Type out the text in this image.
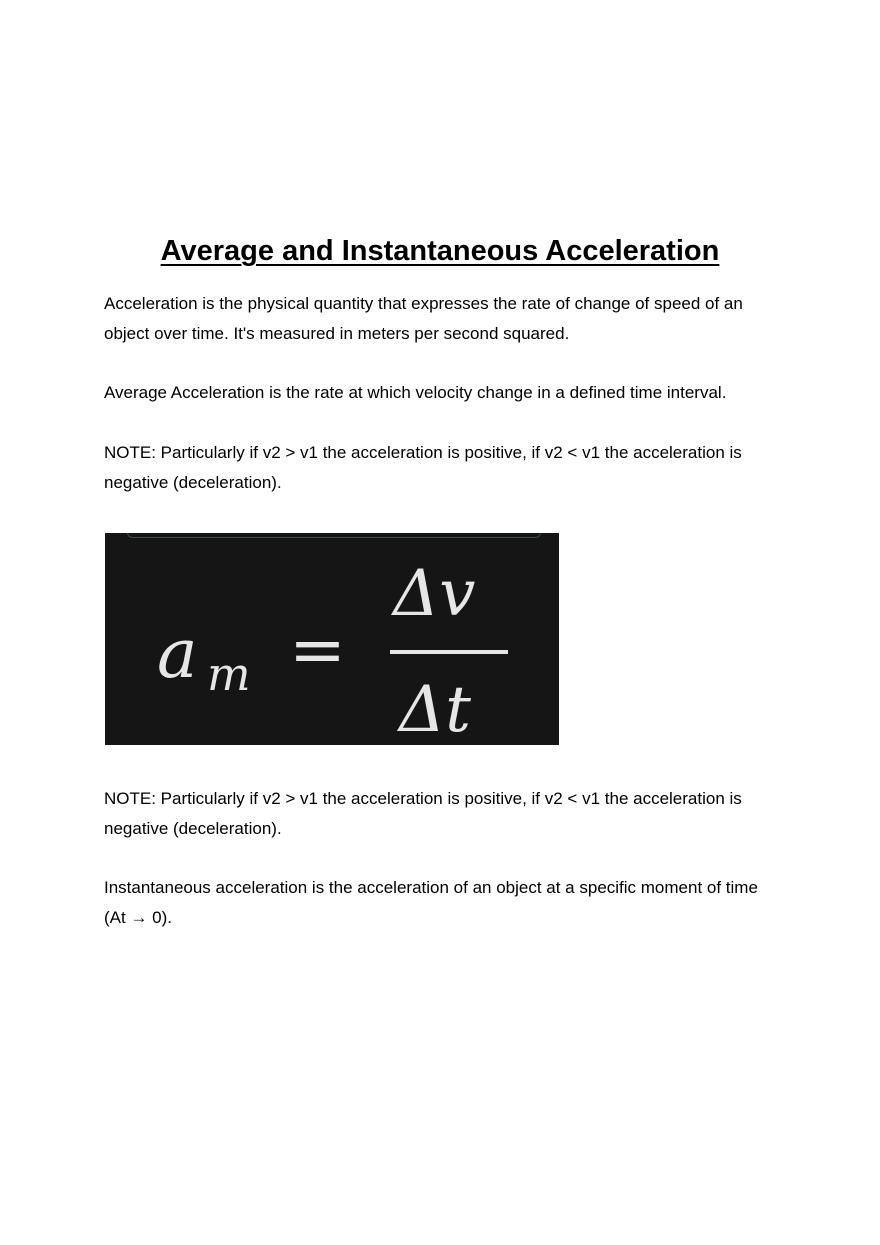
Average and Instantaneous Acceleration

Acceleration is the physical quantity that expresses the rate of change of speed of an object over time. It's measured in meters per second squared.

Average Acceleration is the rate at which velocity change in a defined time interval.

NOTE: Particularly if v2 > v1 the acceleration is positive, if v2 < v1 the acceleration is negative (deceleration).

a m =
Δv
Δt

NOTE: Particularly if v2 > v1 the acceleration is positive, if v2 < v1 the acceleration is negative (deceleration).

Instantaneous acceleration is the acceleration of an object at a specific moment of time (At → 0).
